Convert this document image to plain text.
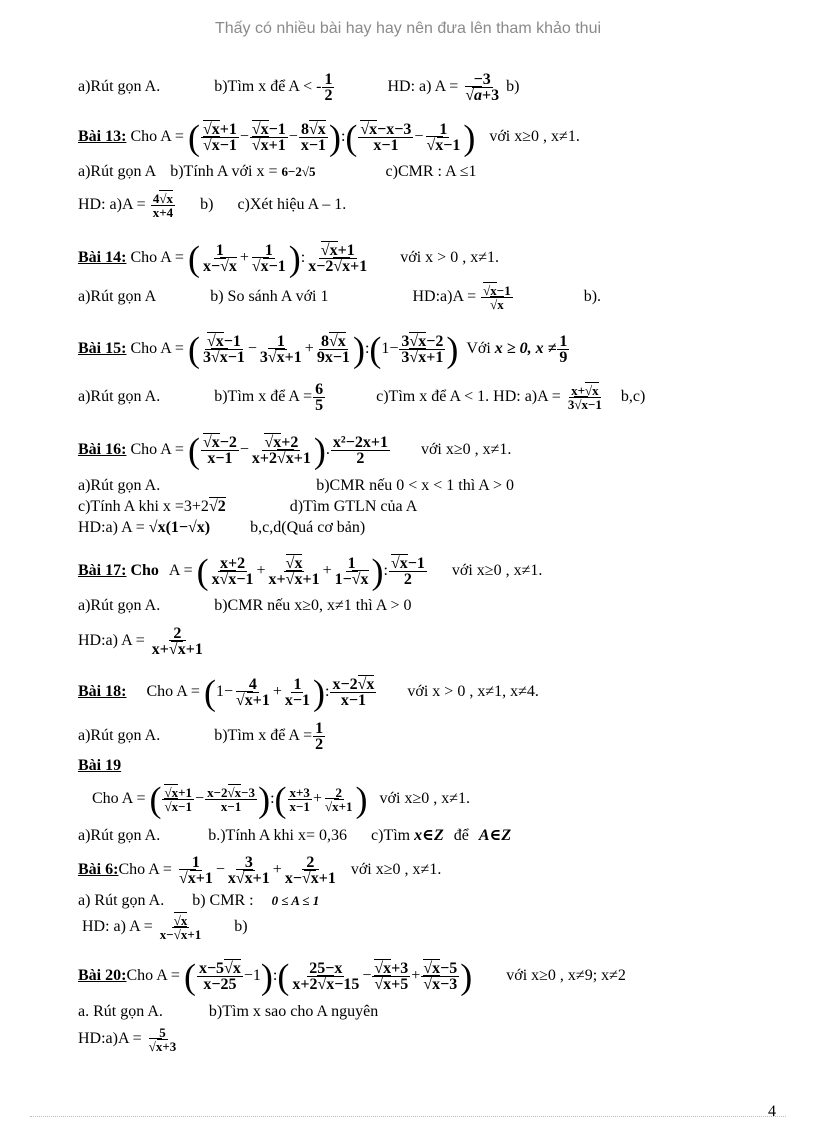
Thấy có nhiều bài hay hay nên đưa lên tham khảo thui
a)Rút gọn A.	b)Tìm x để A < - $\frac{1}{2}$	HD: a) A = −3
√ a+3 b)
Bài 13: Cho A = ( √ x+1
√ x−1 − √ x−1
√ $x+1 - \frac{8 √ x}{x-1}$ ):( √ $\frac{x-x-3}{x-1} - 1$
√ x−1 ) với x≥0 , x≠1.
a)Rút gọn A b)Tính A với x = 6−2√5	c)CMR : A ≤1
HD: $a)A = \frac{4 √ x}{x+4} b$) c)Xét hiệu A – 1.
Bài 14: Cho A = ( $\frac{1}{x- √ x} + 1$
√ x−1 ): √ $\frac{x+1}{x-2 √ x+1}$ với x > 0 , x≠1.
a)Rút gọn A	b) So sánh A với 1	HD:a)A = √ x−1
√ x	b).
Bài 15: Cho A = ( √ $\frac{x-1}{3 √ x-1} - \frac{1}{3 √ x+1} + \frac{8 √ x}{9x-1}$ ):(1− $\frac{3 √ x-2}{3 √ x+1}$ ) Với x ≥ 0, $x \ne \frac{1}{9}$
a)Rút gọn A.	b)Tìm x để $A = \frac{6}{5}$	c)Tìm x để A < 1. HD: $a)A = \frac{x+ √ x}{3 √ x-1} b,c$)
Bài 16: Cho A = ( √ $\frac{x-2}{x-1}$ − √ $\frac{x+2}{x+2 √ x+1}$ ). $\frac{\text{x²−2x+1}}{2}$ với x≥0 , x≠1.
a)Rút gọn A.	b)CMR nếu 0 < x < 1 thì A > 0
c)Tính A khi x =3+2 √ 2	d)Tìm GTLN của A
HD:a) A = √x(1−√x)	b,c,d(Quá cơ bản)
Bài 17: Cho A = ( $\frac{x+2}{x √ x-1}$ + √ $\frac{x}{x+ √ x+1} + \frac{1}{1- √ x}$ ): √ $\frac{x-1}{2}$ với x≥0 , x≠1.
a)Rút gọn A.	b)CMR nếu x≥0, x≠1 thì A > 0
HD:a) $A = \frac{2}{x+ √ x+1}$
Bài 18: Cho A = (1− 4
√ $x+1 + \frac{1}{x-1}$ ): $\frac{x-2 √ x}{x-1}$ với x > 0 , x≠1, x≠4.
a)Rút gọn A.	b)Tìm x để $A = \frac{1}{2}$
Bài 19
Cho A = ( √ x+1
√ $x-1 - \frac{x-2 √ x-3}{x-1}$ ):( $\frac{x+3}{x-1} + 2$
√ x+1 ) với x≥0 , x≠1.
a)Rút gọn A.	b.)Tính A khi x= 0,36 c)Tìm x∈Z để A∈Z
Bài 6:Cho A = 1
√ $x+1 - \frac{3}{x √ x+1} + \frac{2}{x- √ x+1}$ với x≥0 , x≠1.
a) Rút gọn A. b) CMR : 0 ≤ A ≤ 1
HD: a) A = √ $\frac{x}{x- √ x+1} b$)
Bài 20:Cho A = ( $\frac{x-5 √ x}{x-25}$ −1):( $\frac{25-x}{x+2 √ x-15}$ − √ x+3
√ x+5 + √ x−5
√ x−3 ) với x≥0 , x≠9; x≠2
a. Rút gọn A.	b)Tìm x sao cho A nguyên
HD:a)A = 5
√ x+3
4
